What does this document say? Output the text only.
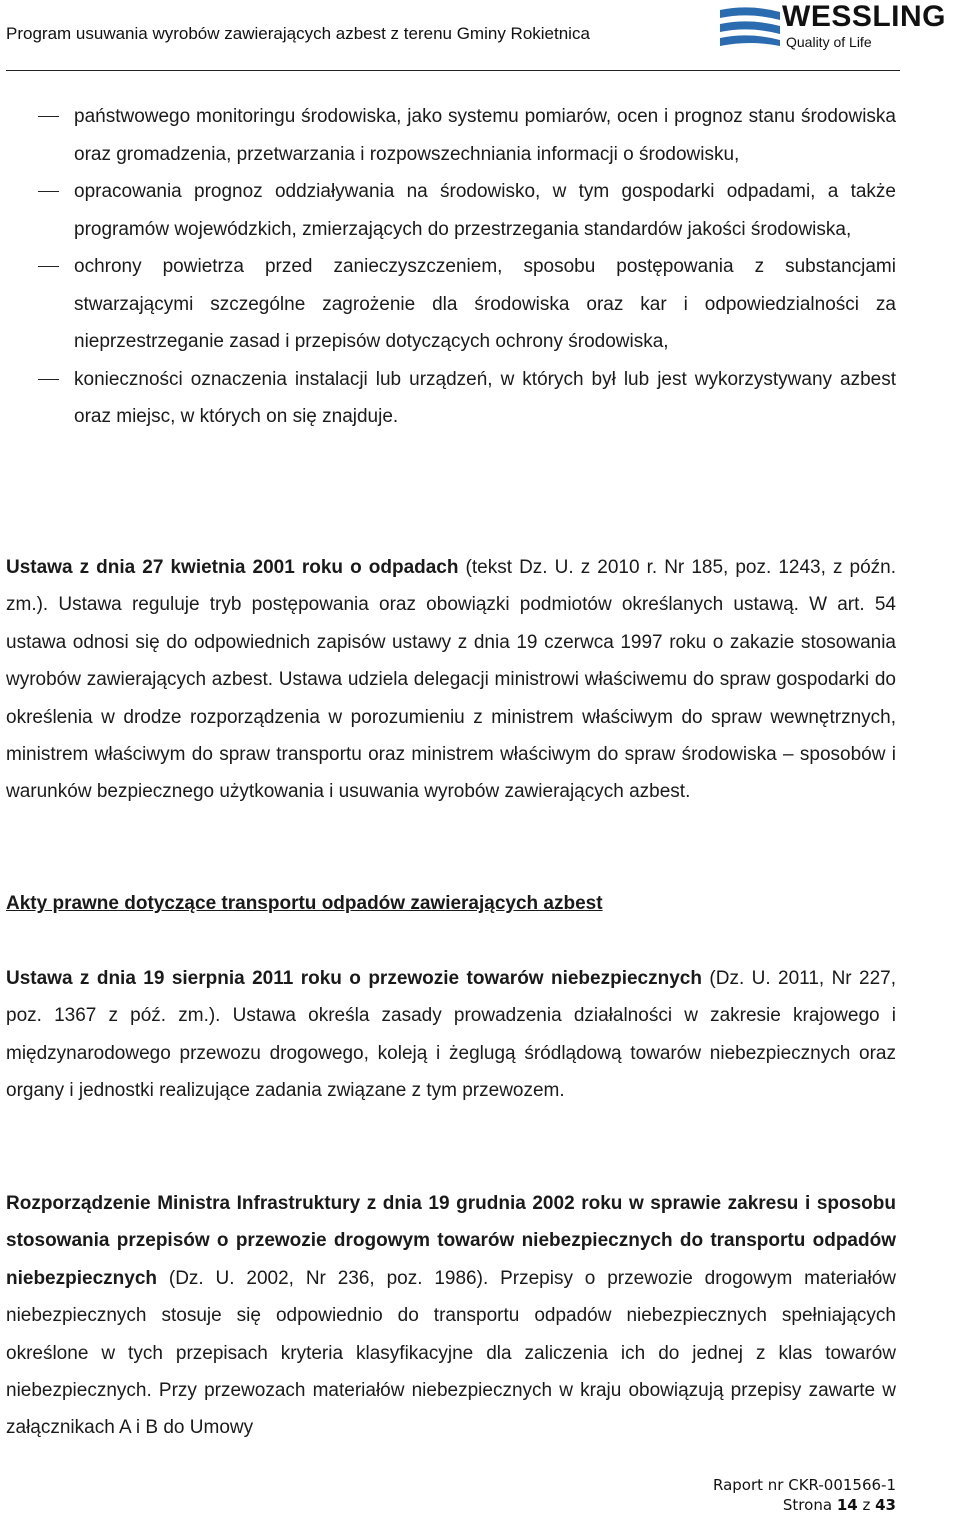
Program usuwania wyrobów zawierających azbest z terenu Gminy Rokietnica
WESSLING
Quality of Life
państwowego monitoringu środowiska, jako systemu pomiarów, ocen i prognoz stanu środowiska oraz gromadzenia, przetwarzania i rozpowszechniania informacji o środowisku,
opracowania prognoz oddziaływania na środowisko, w tym gospodarki odpadami, a także programów wojewódzkich, zmierzających do przestrzegania standardów jakości środowiska,
ochrony powietrza przed zanieczyszczeniem, sposobu postępowania z substancjami stwarzającymi szczególne zagrożenie dla środowiska oraz kar i odpowiedzialności za nieprzestrzeganie zasad i przepisów dotyczących ochrony środowiska,
konieczności oznaczenia instalacji lub urządzeń, w których był lub jest wykorzystywany azbest oraz miejsc, w których on się znajduje.
Ustawa z dnia 27 kwietnia 2001 roku o odpadach (tekst Dz. U. z 2010 r. Nr 185, poz. 1243, z późn. zm.). Ustawa reguluje tryb postępowania oraz obowiązki podmiotów określanych ustawą. W art. 54 ustawa odnosi się do odpowiednich zapisów ustawy z dnia 19 czerwca 1997 roku o zakazie stosowania wyrobów zawierających azbest. Ustawa udziela delegacji ministrowi właściwemu do spraw gospodarki do określenia w drodze rozporządzenia w porozumieniu z ministrem właściwym do spraw wewnętrznych, ministrem właściwym do spraw transportu oraz ministrem właściwym do spraw środowiska – sposobów i warunków bezpiecznego użytkowania i usuwania wyrobów zawierających azbest.
Akty prawne dotyczące transportu odpadów zawierających azbest
Ustawa z dnia 19 sierpnia 2011 roku o przewozie towarów niebezpiecznych (Dz. U. 2011, Nr 227, poz. 1367 z póź. zm.). Ustawa określa zasady prowadzenia działalności w zakresie krajowego i międzynarodowego przewozu drogowego, koleją i żeglugą śródlądową towarów niebezpiecznych oraz organy i jednostki realizujące zadania związane z tym przewozem.
Rozporządzenie Ministra Infrastruktury z dnia 19 grudnia 2002 roku w sprawie zakresu i sposobu stosowania przepisów o przewozie drogowym towarów niebezpiecznych do transportu odpadów niebezpiecznych (Dz. U. 2002, Nr 236, poz. 1986). Przepisy o przewozie drogowym materiałów niebezpiecznych stosuje się odpowiednio do transportu odpadów niebezpiecznych spełniających określone w tych przepisach kryteria klasyfikacyjne dla zaliczenia ich do jednej z klas towarów niebezpiecznych. Przy przewozach materiałów niebezpiecznych w kraju obowiązują przepisy zawarte w załącznikach A i B do Umowy
Raport nr CKR-001566-1
Strona 14 z 43
